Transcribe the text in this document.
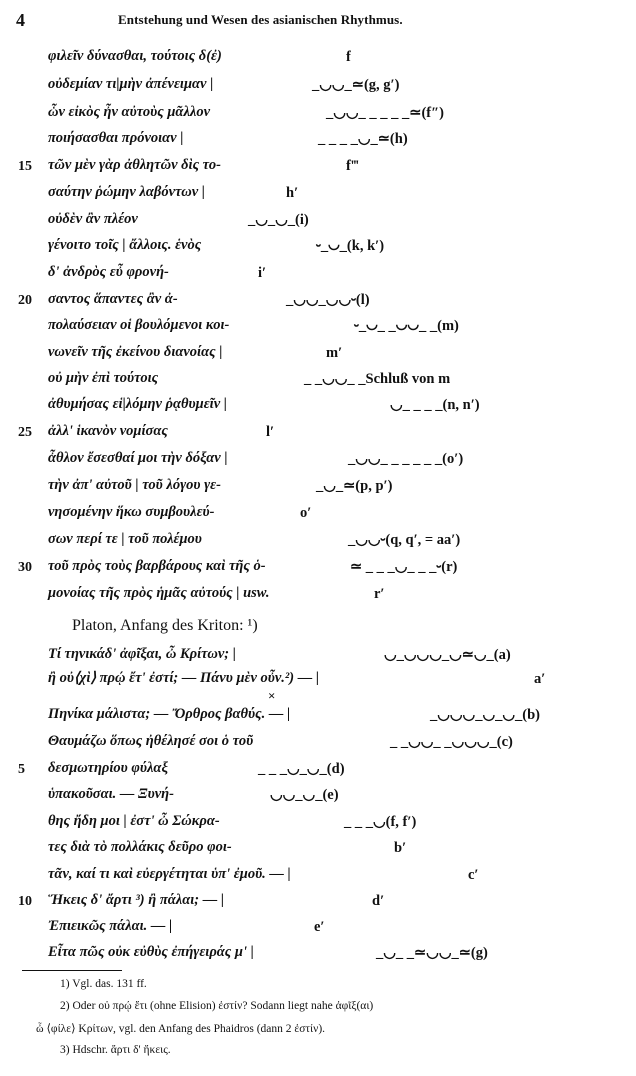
4	Entstehung und Wesen des asianischen Rhythmus.
φιλεῖν δύνασθαι, τούτοις δ(ἐ)	f
οὐδεμίαν τι|μὴν ἀπένειμαν |	_◡◡_≃(g, g′)
ὧν εἰκὸς ἦν αὐτοὺς μᾶλλον	_◡◡_ _ _ _ _≃(f″)
ποιήσασθαι πρόνοιαν |	_ _ _ _◡_≃(h)
15 τῶν μὲν γὰρ ἀθλητῶν δὶς το-	f‴
σαύτην ῥώμην λαβόντων |	h′
οὐδὲν ἂν πλέον	_◡_◡_(i)
γένοιτο τοῖς | ἄλλοις. ἑνὸς	⏑_◡_(k, k′)
δ' ἀνδρὸς εὖ φρονή-	i′
20 σαντος ἅπαντες ἂν ἀ-	_◡◡_◡◡⏑(l)
πολαύσειαν οἱ βουλόμενοι κοι-	⏑_◡_ _◡◡_ _(m)
νωνεῖν τῆς ἐκείνου διανοίας |	m′
οὐ μὴν ἐπὶ τούτοις	_ _◡◡_ _Schluß von m
ἀθυμήσας εἱ|λόμην ῥᾳθυμεῖν |	◡_ _ _ _(n, n′)
25 ἀλλ' ἱκανὸν νομίσας	l′
ἆθλον ἔσεσθαί μοι τὴν δόξαν |	_◡◡_ _ _ _ _ _(o′)
τὴν ἀπ' αὐτοῦ | τοῦ λόγου γε-	_◡_≃(p, p′)
νησομένην ἥκω συμβουλεύ-	o′
σων περί τε | τοῦ πολέμου	_◡◡⏑(q, q′, = aa′)
30 τοῦ πρὸς τοὺς βαρβάρους καὶ τῆς ὁ-	≃ _ _ _◡_ _ _⏑(r)
μονοίας τῆς πρὸς ἡμᾶς αὐτούς | usw.	r′
Platon, Anfang des Kriton: ¹)
Τί τηνικάδ' ἀφῖξαι, ὦ Κρίτων; |	◡_◡◡◡_◡≃◡_(a)
ἢ οὐ⟨χὶ⟩ πρῴ ἔτ' ἐστί; — Πάνυ μὲν οὖν.²) — |	a′
Πηνίκα μάλιστα; — Ὄρθρος βαθύς. — |	_◡◡◡_◡_◡_(b)
Θαυμάζω ὅπως ἠθέλησέ σοι ὁ τοῦ	_ _◡◡_ _◡◡◡_(c)
5 δεσμωτηρίου φύλαξ	_ _ _◡_◡_(d)
ὑπακοῦσαι. — Ξυνή-	◡◡_◡_(e)
θης ἤδη μοι | ἐστ' ὦ Σώκρα-	_ _ _◡(f, f′)
τες διὰ τὸ πολλάκις δεῦρο φοι-	b′
τᾶν, καί τι καὶ εὐεργέτηται ὑπ' ἐμοῦ. — |	c′
10 Ἥκεις δ' ἄρτι ³) ἢ πάλαι; — |	d′
Ἐπιεικῶς πάλαι. — |	e′
Εἶτα πῶς οὐκ εὐθὺς ἐπήγειράς μ' |	_◡_ _≃◡◡_≃(g)
×
1) Vgl. das. 131 ff.
2) Oder οὐ πρῴ ἔτι (ohne Elision) ἐστίν? Sodann liegt nahe ἀφῖξ(αι)
ὦ ⟨φίλε⟩ Κρίτων, vgl. den Anfang des Phaidros (dann 2 ἐστίν).
3) Hdschr. ἄρτι δ' ἥκεις.
